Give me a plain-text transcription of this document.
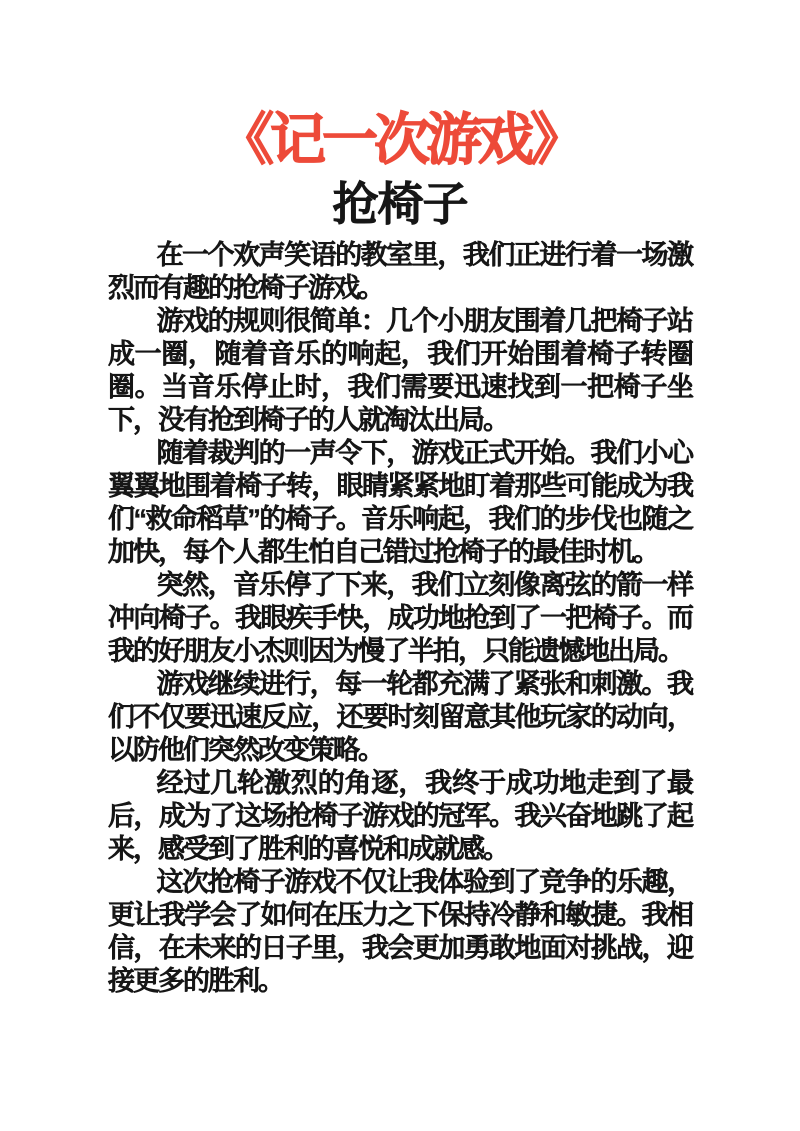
《记一次游戏》
抢椅子

在一个欢声笑语的教室里，我们正进行着一场激烈而有趣的抢椅子游戏。

游戏的规则很简单：几个小朋友围着几把椅子站成一圈，随着音乐的响起，我们开始围着椅子转圈圈。当音乐停止时，我们需要迅速找到一把椅子坐下，没有抢到椅子的人就淘汰出局。

随着裁判的一声令下，游戏正式开始。我们小心翼翼地围着椅子转，眼睛紧紧地盯着那些可能成为我们“救命稻草”的椅子。音乐响起，我们的步伐也随之加快，每个人都生怕自己错过抢椅子的最佳时机。

突然，音乐停了下来，我们立刻像离弦的箭一样冲向椅子。我眼疾手快，成功地抢到了一把椅子。而我的好朋友小杰则因为慢了半拍，只能遗憾地出局。

游戏继续进行，每一轮都充满了紧张和刺激。我们不仅要迅速反应，还要时刻留意其他玩家的动向，以防他们突然改变策略。

经过几轮激烈的角逐，我终于成功地走到了最后，成为了这场抢椅子游戏的冠军。我兴奋地跳了起来，感受到了胜利的喜悦和成就感。

这次抢椅子游戏不仅让我体验到了竞争的乐趣，更让我学会了如何在压力之下保持冷静和敏捷。我相信，在未来的日子里，我会更加勇敢地面对挑战，迎接更多的胜利。
